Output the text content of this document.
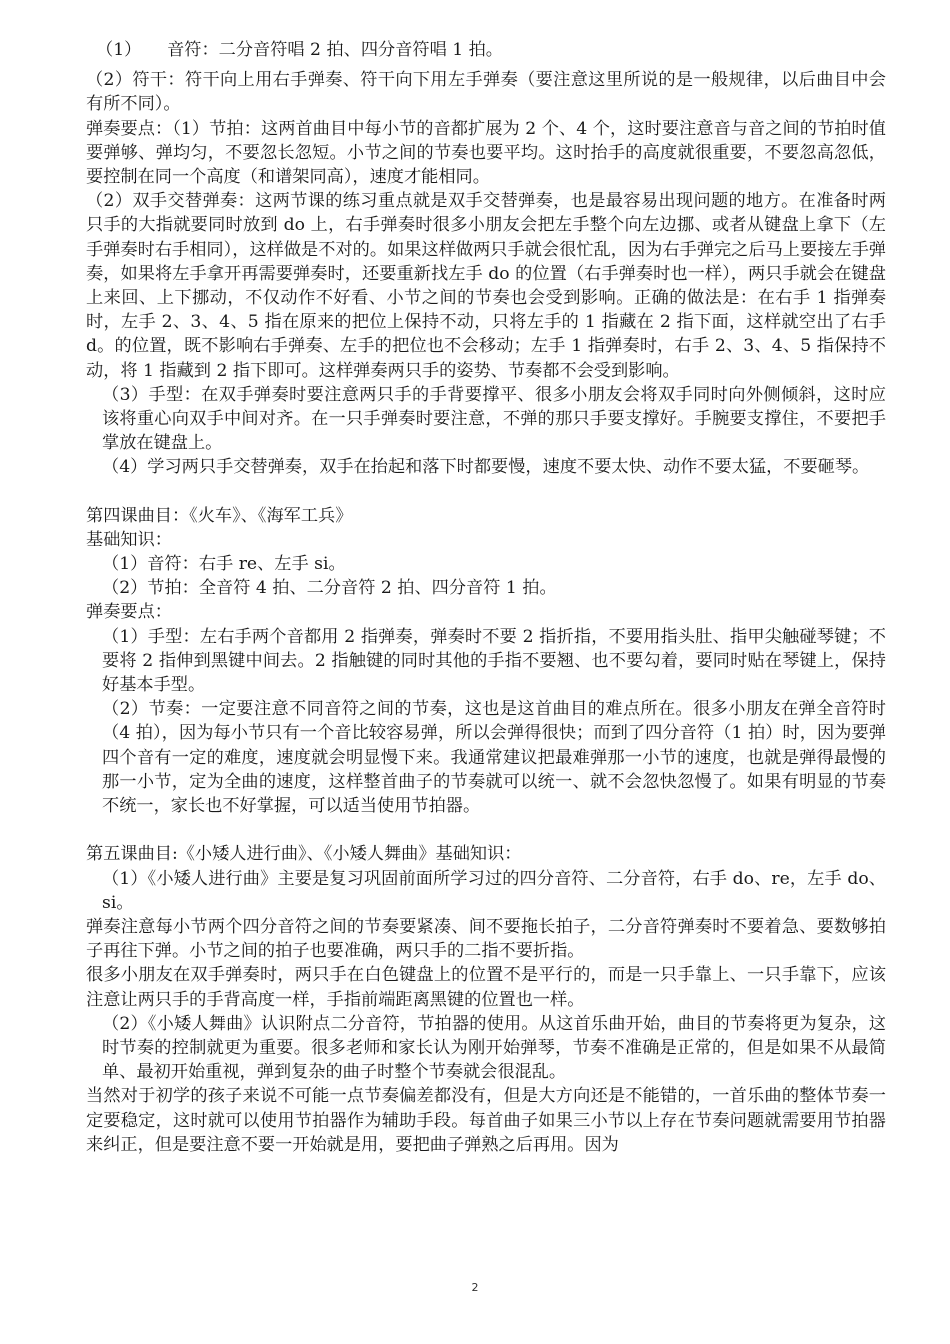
（1）　　音符：二分音符唱 2 拍、四分音符唱 1 拍。

（2）符干：符干向上用右手弹奏、符干向下用左手弹奏（要注意这里所说的是一般规律，以后曲目中会有所不同）。

弹奏要点：（1）节拍：这两首曲目中每小节的音都扩展为 2 个、4 个，这时要注意音与音之间的节拍时值要弹够、弹均匀，不要忽长忽短。小节之间的节奏也要平均。这时抬手的高度就很重要，不要忽高忽低，要控制在同一个高度（和谱架同高），速度才能相同。

（2）双手交替弹奏：这两节课的练习重点就是双手交替弹奏，也是最容易出现问题的地方。在准备时两只手的大指就要同时放到 do 上，右手弹奏时很多小朋友会把左手整个向左边挪、或者从键盘上拿下（左手弹奏时右手相同），这样做是不对的。如果这样做两只手就会很忙乱，因为右手弹完之后马上要接左手弹奏，如果将左手拿开再需要弹奏时，还要重新找左手 do 的位置（右手弹奏时也一样），两只手就会在键盘上来回、上下挪动，不仅动作不好看、小节之间的节奏也会受到影响。正确的做法是：在右手 1 指弹奏时，左手 2、3、4、5 指在原来的把位上保持不动，只将左手的 1 指藏在 2 指下面，这样就空出了右手 d。的位置，既不影响右手弹奏、左手的把位也不会移动；左手 1 指弹奏时，右手 2、3、4、5 指保持不动，将 1 指藏到 2 指下即可。这样弹奏两只手的姿势、节奏都不会受到影响。

（3）手型：在双手弹奏时要注意两只手的手背要撑平、很多小朋友会将双手同时向外侧倾斜，这时应该将重心向双手中间对齐。在一只手弹奏时要注意，不弹的那只手要支撑好。手腕要支撑住，不要把手掌放在键盘上。

（4）学习两只手交替弹奏，双手在抬起和落下时都要慢，速度不要太快、动作不要太猛，不要砸琴。

第四课曲目：《火车》、《海军工兵》

基础知识：

（1）音符：右手 re、左手 si。

（2）节拍：全音符 4 拍、二分音符 2 拍、四分音符 1 拍。

弹奏要点：

（1）手型：左右手两个音都用 2 指弹奏，弹奏时不要 2 指折指，不要用指头肚、指甲尖触碰琴键；不要将 2 指伸到黑键中间去。2 指触键的同时其他的手指不要翘、也不要勾着，要同时贴在琴键上，保持好基本手型。

（2）节奏：一定要注意不同音符之间的节奏，这也是这首曲目的难点所在。很多小朋友在弹全音符时（4 拍），因为每小节只有一个音比较容易弹，所以会弹得很快；而到了四分音符（1 拍）时，因为要弹四个音有一定的难度，速度就会明显慢下来。我通常建议把最难弹那一小节的速度，也就是弹得最慢的那一小节，定为全曲的速度，这样整首曲子的节奏就可以统一、就不会忽快忽慢了。如果有明显的节奏不统一，家长也不好掌握，可以适当使用节拍器。

第五课曲目:《小矮人进行曲》、《小矮人舞曲》基础知识：

（1）《小矮人进行曲》主要是复习巩固前面所学习过的四分音符、二分音符，右手 do、re，左手 do、si。

弹奏注意每小节两个四分音符之间的节奏要紧凑、间不要拖长拍子，二分音符弹奏时不要着急、要数够拍子再往下弹。小节之间的拍子也要准确，两只手的二指不要折指。

很多小朋友在双手弹奏时，两只手在白色键盘上的位置不是平行的，而是一只手靠上、一只手靠下，应该注意让两只手的手背高度一样，手指前端距离黑键的位置也一样。

（2）《小矮人舞曲》认识附点二分音符，节拍器的使用。从这首乐曲开始，曲目的节奏将更为复杂，这时节奏的控制就更为重要。很多老师和家长认为刚开始弹琴，节奏不准确是正常的，但是如果不从最简单、最初开始重视，弹到复杂的曲子时整个节奏就会很混乱。

当然对于初学的孩子来说不可能一点节奏偏差都没有，但是大方向还是不能错的，一首乐曲的整体节奏一定要稳定，这时就可以使用节拍器作为辅助手段。每首曲子如果三小节以上存在节奏问题就需要用节拍器来纠正，但是要注意不要一开始就是用，要把曲子弹熟之后再用。因为

2
